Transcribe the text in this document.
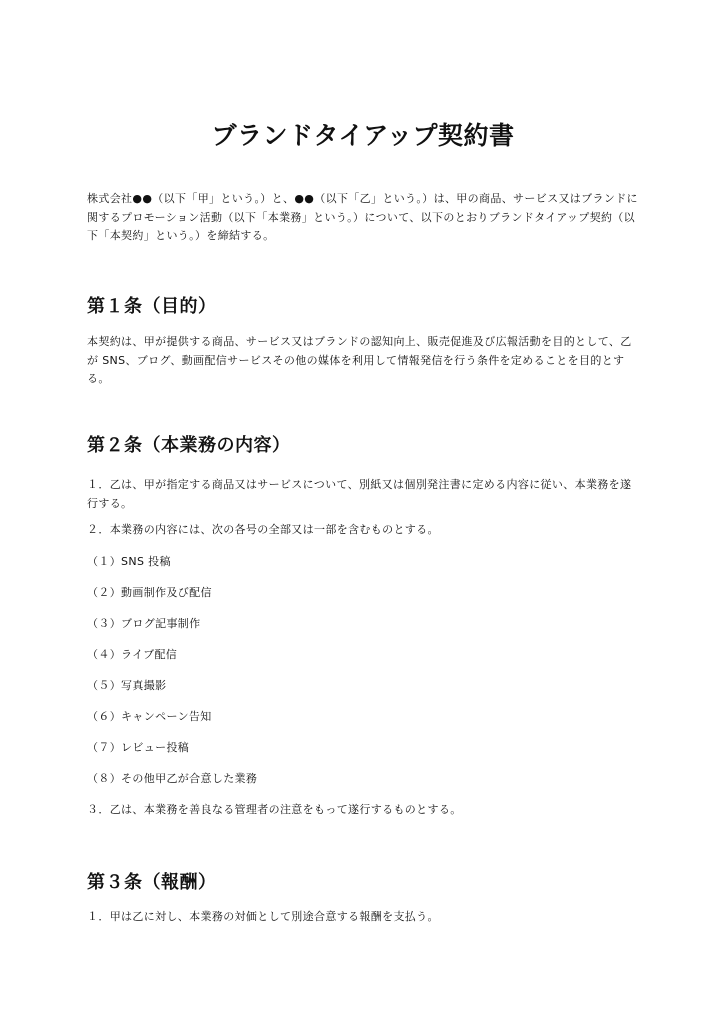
ブランドタイアップ契約書

株式会社●●（以下「甲」という。）と、●●（以下「乙」という。）は、甲の商品、サービス又はブランドに関するプロモーション活動（以下「本業務」という。）について、以下のとおりブランドタイアップ契約（以下「本契約」という。）を締結する。

第１条（目的）

本契約は、甲が提供する商品、サービス又はブランドの認知向上、販売促進及び広報活動を目的として、乙が SNS、ブログ、動画配信サービスその他の媒体を利用して情報発信を行う条件を定めることを目的とする。

第２条（本業務の内容）

１．乙は、甲が指定する商品又はサービスについて、別紙又は個別発注書に定める内容に従い、本業務を遂行する。

２．本業務の内容には、次の各号の全部又は一部を含むものとする。

（１）SNS 投稿

（２）動画制作及び配信

（３）ブログ記事制作

（４）ライブ配信

（５）写真撮影

（６）キャンペーン告知

（７）レビュー投稿

（８）その他甲乙が合意した業務

３．乙は、本業務を善良なる管理者の注意をもって遂行するものとする。

第３条（報酬）

１．甲は乙に対し、本業務の対価として別途合意する報酬を支払う。
